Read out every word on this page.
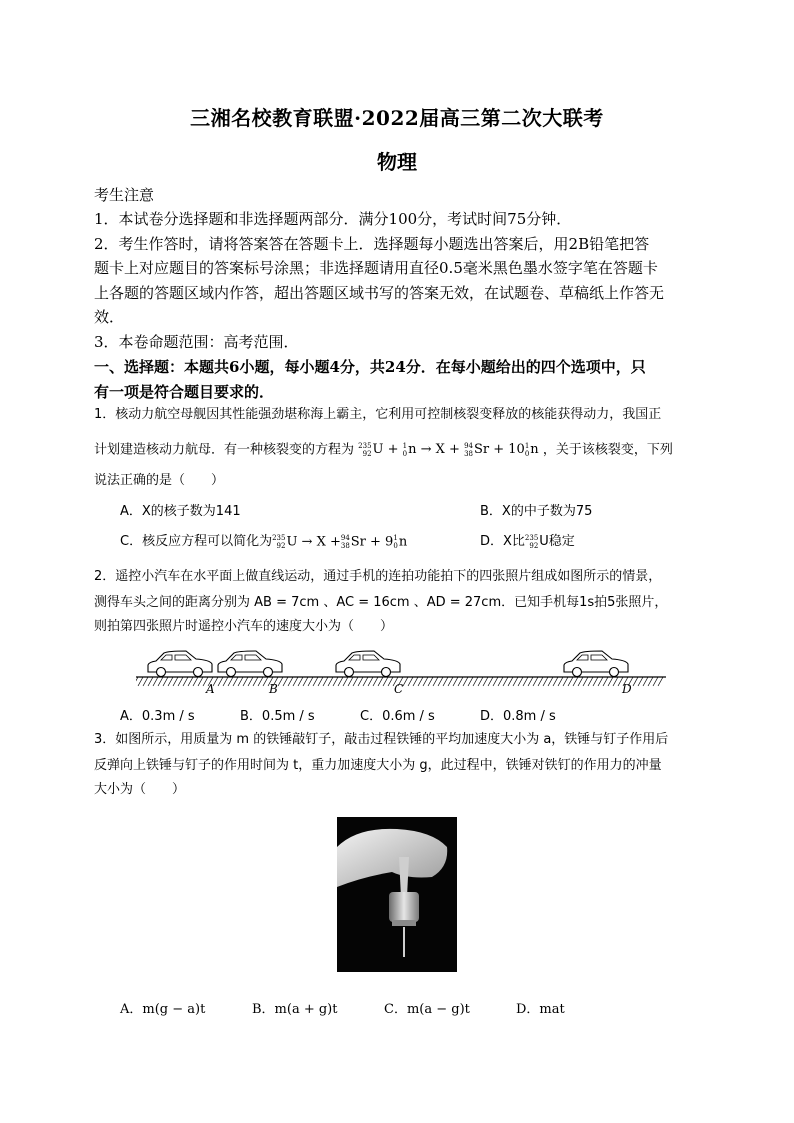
三湘名校教育联盟·2022届高三第二次大联考
物理
考生注意
1．本试卷分选择题和非选择题两部分．满分100分，考试时间75分钟．
2．考生作答时，请将答案答在答题卡上．选择题每小题选出答案后，用2B铅笔把答
题卡上对应题目的答案标号涂黑；非选择题请用直径0.5毫米黑色墨水签字笔在答题卡
上各题的答题区域内作答，超出答题区域书写的答案无效，在试题卷、草稿纸上作答无
效．
3．本卷命题范围：高考范围．
一、选择题：本题共6小题，每小题4分，共24分．在每小题给出的四个选项中，只
有一项是符合题目要求的．
1．核动力航空母舰因其性能强劲堪称海上霸主，它利用可控制核裂变释放的核能获得动力，我国正
计划建造核动力航母．有一种核裂变的方程为 235
92 U + 1
0 n → X + 94
38 Sr + 10 1
0 n ，关于该核裂变，下列
说法正确的是（　　）
A．X的核子数为141	B．X的中子数为75
C．核反应方程可以简化为 235
92 U → X + 94
38 Sr + 9 1
0 n	D．X比 235
92 U稳定
2．遥控小汽车在水平面上做直线运动，通过手机的连拍功能拍下的四张照片组成如图所示的情景，
测得车头之间的距离分别为 AB = 7cm 、AC = 16cm 、AD = 27cm．已知手机每1s拍5张照片，
则拍第四张照片时遥控小汽车的速度大小为（　　）
A	B	C	D
A．0.3m / s	B．0.5m / s	C．0.6m / s	D．0.8m / s
3．如图所示，用质量为 m 的铁锤敲钉子，敲击过程铁锤的平均加速度大小为 a，铁锤与钉子作用后
反弹向上铁锤与钉子的作用时间为 t，重力加速度大小为 g，此过程中，铁锤对铁钉的作用力的冲量
大小为（　　）
A．m(g − a)t	B．m(a + g)t	C．m(a − g)t	D．mat
